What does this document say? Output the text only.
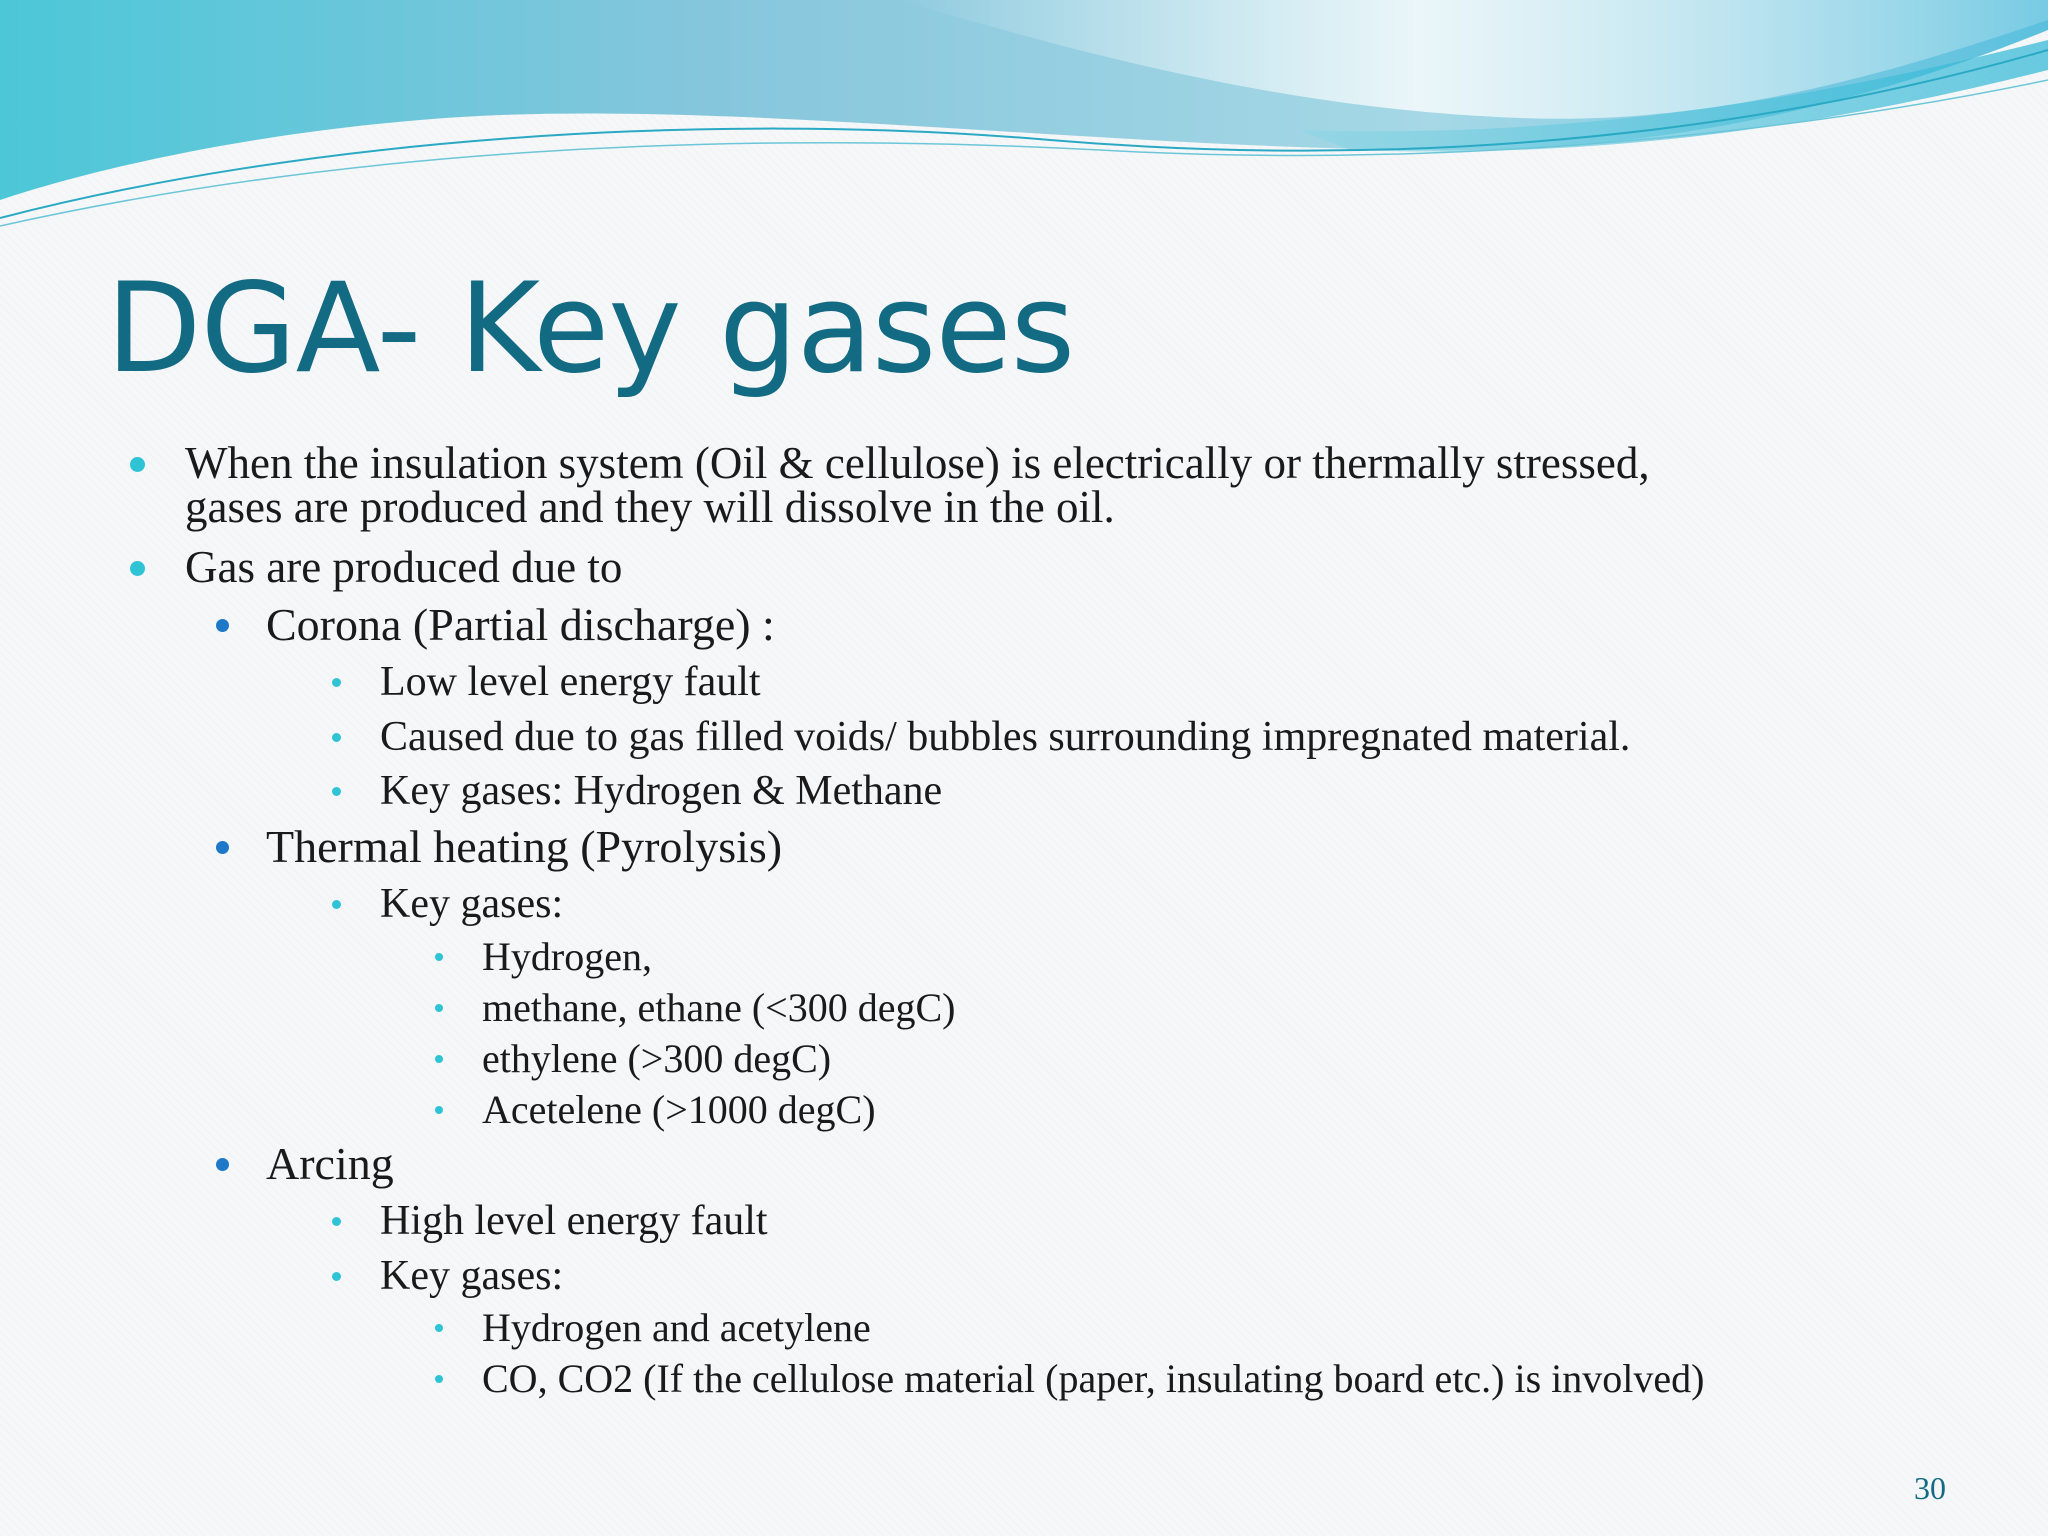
DGA- Key gases
When the insulation system (Oil & cellulose) is electrically or thermally stressed,
gases are produced and they will dissolve in the oil.
Gas are produced due to
Corona (Partial discharge) :
Low level energy fault
Caused due to gas filled voids/ bubbles surrounding impregnated material.
Key gases: Hydrogen & Methane
Thermal heating (Pyrolysis)
Key gases:
Hydrogen,
methane, ethane (<300 degC)
ethylene (>300 degC)
Acetelene (>1000 degC)
Arcing
High level energy fault
Key gases:
Hydrogen and acetylene
CO, CO2 (If the cellulose material (paper, insulating board etc.) is involved)
30
